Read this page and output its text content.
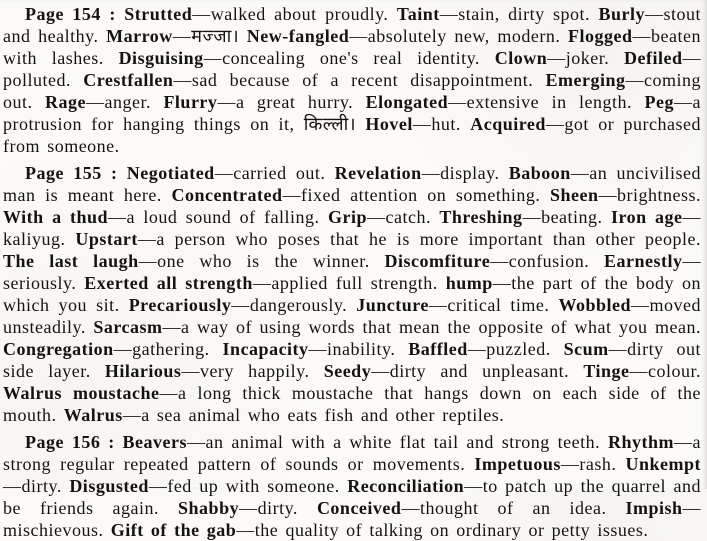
Page 154 : Strutted—walked about proudly. Taint—stain, dirty spot. Burly—stout and healthy. Marrow—मज्जा। New-fangled—absolutely new, modern. Flogged—beaten with lashes. Disguising—concealing one's real identity. Clown—joker. Defiled—polluted. Crestfallen—sad because of a recent disappointment. Emerging—coming out. Rage—anger. Flurry—a great hurry. Elongated—extensive in length. Peg—a protrusion for hanging things on it, किल्ली। Hovel—hut. Acquired—got or purchased from someone.

Page 155 : Negotiated—carried out. Revelation—display. Baboon—an uncivilised man is meant here. Concentrated—fixed attention on something. Sheen—brightness. With a thud—a loud sound of falling. Grip—catch. Threshing—beating. Iron age—kaliyug. Upstart—a person who poses that he is more important than other people. The last laugh—one who is the winner. Discomfiture—confusion. Earnestly—seriously. Exerted all strength—applied full strength. hump—the part of the body on which you sit. Precariously—dangerously. Juncture—critical time. Wobbled—moved unsteadily. Sarcasm—a way of using words that mean the opposite of what you mean. Congregation—gathering. Incapacity—inability. Baffled—puzzled. Scum—dirty out side layer. Hilarious—very happily. Seedy—dirty and unpleasant. Tinge—colour. Walrus moustache—a long thick moustache that hangs down on each side of the mouth. Walrus—a sea animal who eats fish and other reptiles.

Page 156 : Beavers—an animal with a white flat tail and strong teeth. Rhythm—a strong regular repeated pattern of sounds or movements. Impetuous—rash. Unkempt—dirty. Disgusted—fed up with someone. Reconciliation—to patch up the quarrel and be friends again. Shabby—dirty. Conceived—thought of an idea. Impish—mischievous. Gift of the gab—the quality of talking on ordinary or petty issues.
